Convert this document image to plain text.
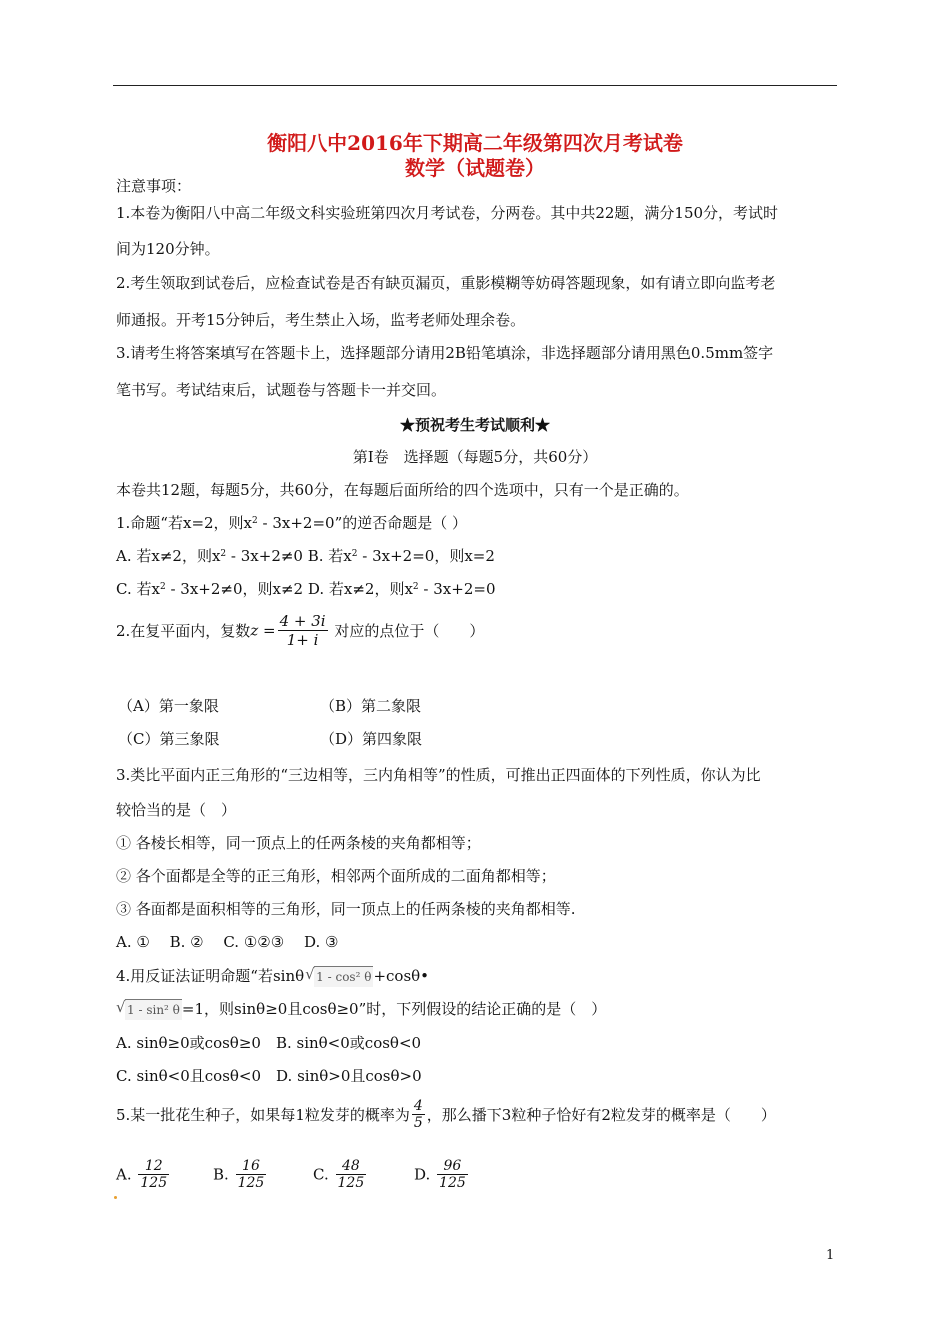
衡阳八中2016年下期高二年级第四次月考试卷
数学（试题卷）
注意事项：
1.本卷为衡阳八中高二年级文科实验班第四次月考试卷，分两卷。其中共22题，满分150分，考试时
间为120分钟。
2.考生领取到试卷后，应检查试卷是否有缺页漏页，重影模糊等妨碍答题现象，如有请立即向监考老
师通报。开考15分钟后，考生禁止入场，监考老师处理余卷。
3.请考生将答案填写在答题卡上，选择题部分请用2B铅笔填涂，非选择题部分请用黑色0.5mm签字
笔书写。考试结束后，试题卷与答题卡一并交回。
★预祝考生考试顺利★
第Ⅰ卷　选择题（每题5分，共60分）
本卷共12题，每题5分，共60分，在每题后面所给的四个选项中，只有一个是正确的。
1.命题“若x=2，则$x^2 - 3x+2=0$”的逆否命题是（ ）
A. 若x≠2，则$x^2 - 3x+2\ne 0$ B. 若$x^2 - 3x+2=0$，则x=2
C. 若$x^2 - 3x+2\ne 0$，则x≠2 D. 若x≠2，则$x^2 - 3x+2=0$
2.在复平面内，复数$z = \frac{4 + 3i}{1+ i}$ 对应的点位于（　　）
（A）第一象限	（B）第二象限
（C）第三象限	（D）第四象限
3.类比平面内正三角形的“三边相等，三内角相等”的性质，可推出正四面体的下列性质，你认为比
较恰当的是（　）
① 各棱长相等，同一顶点上的任两条棱的夹角都相等；
② 各个面都是全等的正三角形，相邻两个面所成的二面角都相等；
③ 各面都是面积相等的三角形，同一顶点上的任两条棱的夹角都相等.
A. ①　 B. ②　 C. ①②③　 D. ③
4.用反证法证明命题“若sinθ√ 1 - cos² θ +cosθ•
√ 1 - sin² θ =1，则sinθ≥0且cosθ≥0”时，下列假设的结论正确的是（　）
A. sinθ≥0或cosθ≥0　B. sinθ<0或cosθ<0
C. sinθ<0且cosθ<0　D. sinθ>0且cosθ>0
5.某一批花生种子，如果每1粒发芽的概率为 $\frac{4}{5}$ ，那么播下3粒种子恰好有2粒发芽的概率是（　　）
A. $\frac{12}{125}$	B. $\frac{16}{125}$	C. $\frac{48}{125}$	D. $\frac{96}{125}$
1
